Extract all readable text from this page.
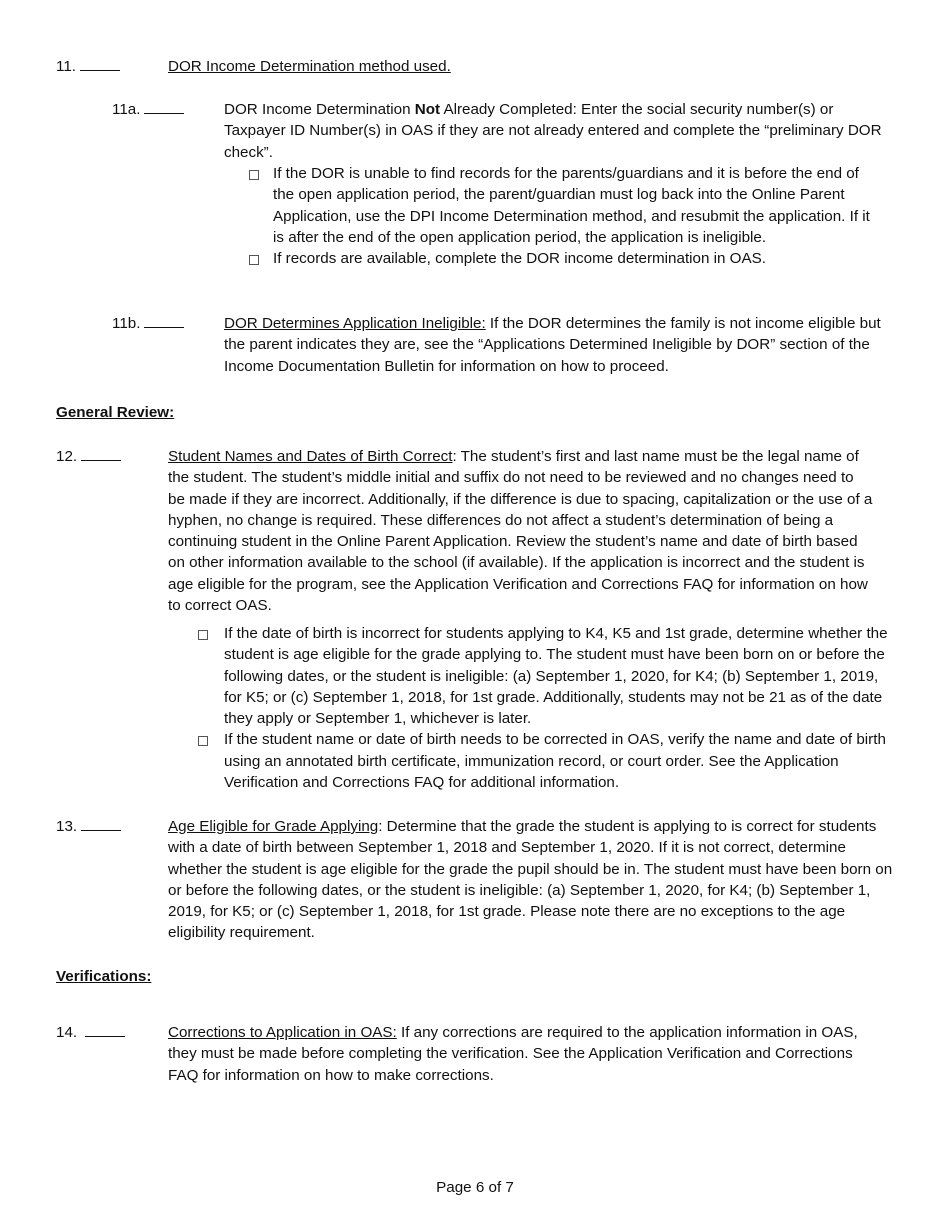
11.	DOR Income Determination method used.
11a.	DOR Income Determination Not Already Completed: Enter the social security number(s) or Taxpayer ID Number(s) in OAS if they are not already entered and complete the “preliminary DOR check”.
If the DOR is unable to find records for the parents/guardians and it is before the end of the open application period, the parent/guardian must log back into the Online Parent Application, use the DPI Income Determination method, and resubmit the application. If it is after the end of the open application period, the application is ineligible.
If records are available, complete the DOR income determination in OAS.
11b.	DOR Determines Application Ineligible: If the DOR determines the family is not income eligible but the parent indicates they are, see the “Applications Determined Ineligible by DOR” section of the Income Documentation Bulletin for information on how to proceed.
General Review:
12.	Student Names and Dates of Birth Correct: The student’s first and last name must be the legal name of the student. The student’s middle initial and suffix do not need to be reviewed and no changes need to be made if they are incorrect. Additionally, if the difference is due to spacing, capitalization or the use of a hyphen, no change is required. These differences do not affect a student’s determination of being a continuing student in the Online Parent Application. Review the student’s name and date of birth based on other information available to the school (if available). If the application is incorrect and the student is age eligible for the program, see the Application Verification and Corrections FAQ for information on how to correct OAS.
If the date of birth is incorrect for students applying to K4, K5 and 1st grade, determine whether the student is age eligible for the grade applying to. The student must have been born on or before the following dates, or the student is ineligible: (a) September 1, 2020, for K4; (b) September 1, 2019, for K5; or (c) September 1, 2018, for 1st grade. Additionally, students may not be 21 as of the date they apply or September 1, whichever is later.
If the student name or date of birth needs to be corrected in OAS, verify the name and date of birth using an annotated birth certificate, immunization record, or court order. See the Application Verification and Corrections FAQ for additional information.
13.	Age Eligible for Grade Applying: Determine that the grade the student is applying to is correct for students with a date of birth between September 1, 2018 and September 1, 2020. If it is not correct, determine whether the student is age eligible for the grade the pupil should be in. The student must have been born on or before the following dates, or the student is ineligible: (a) September 1, 2020, for K4; (b) September 1, 2019, for K5; or (c) September 1, 2018, for 1st grade. Please note there are no exceptions to the age eligibility requirement.
Verifications:
14.	Corrections to Application in OAS: If any corrections are required to the application information in OAS, they must be made before completing the verification. See the Application Verification and Corrections FAQ for information on how to make corrections.
Page 6 of 7
